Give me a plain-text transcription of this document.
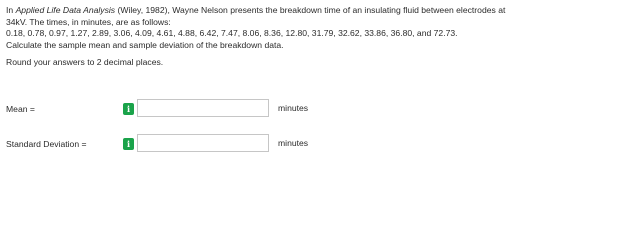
In Applied Life Data Analysis (Wiley, 1982), Wayne Nelson presents the breakdown time of an insulating fluid between electrodes at

34kV. The times, in minutes, are as follows:

0.18, 0.78, 0.97, 1.27, 2.89, 3.06, 4.09, 4.61, 4.88, 6.42, 7.47, 8.06, 8.36, 12.80, 31.79, 32.62, 33.86, 36.80, and 72.73.

Calculate the sample mean and sample deviation of the breakdown data.

Round your answers to 2 decimal places.

Mean =	i	minutes
Standard Deviation =	i	minutes
